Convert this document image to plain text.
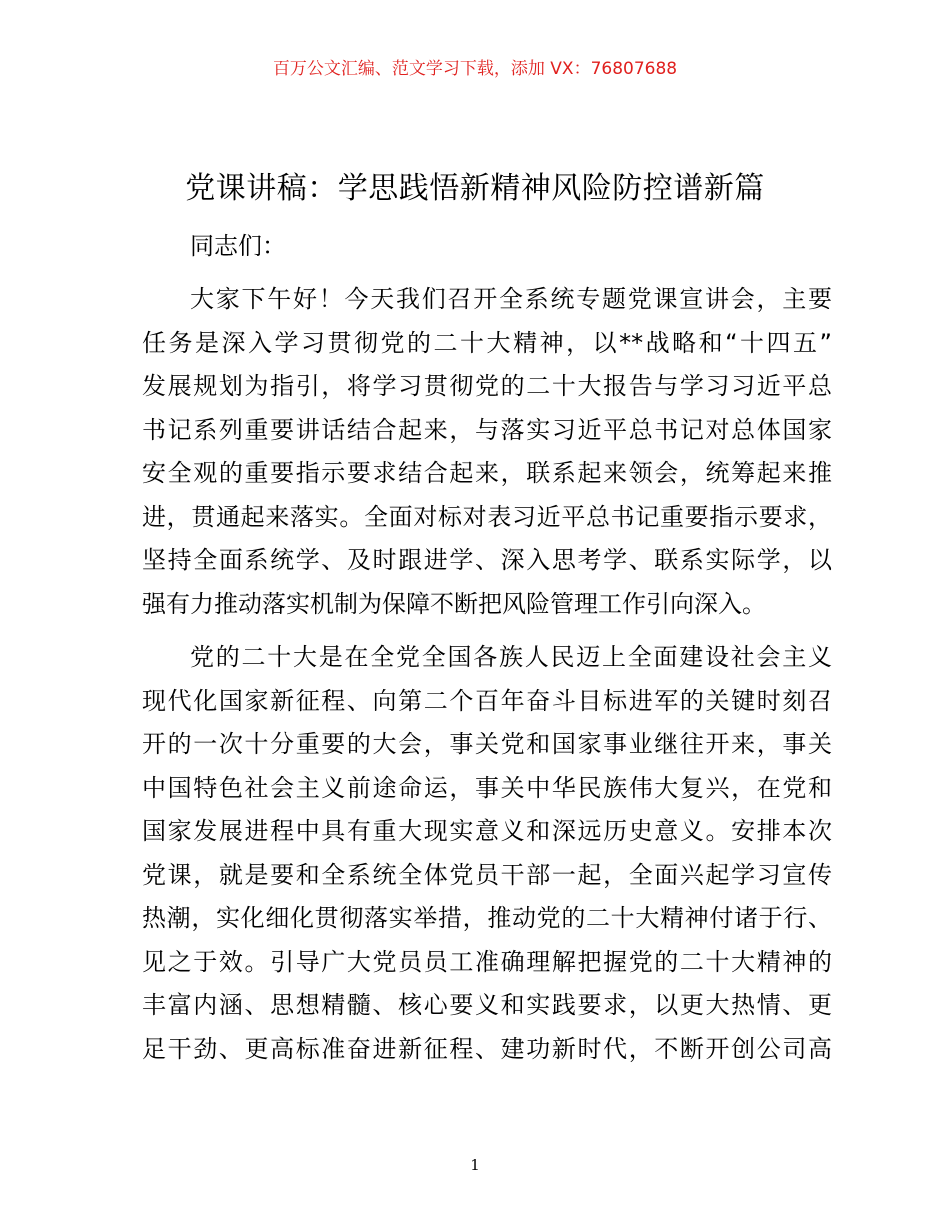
百万公文汇编、范文学习下载，添加 VX：76807688
党课讲稿：学思践悟新精神风险防控谱新篇
同志们：
大家下午好！今天我们召开全系统专题党课宣讲会，主要
任务是深入学习贯彻党的二十大精神，以**战略和“十四五”
发展规划为指引，将学习贯彻党的二十大报告与学习习近平总
书记系列重要讲话结合起来，与落实习近平总书记对总体国家
安全观的重要指示要求结合起来，联系起来领会，统筹起来推
进，贯通起来落实。全面对标对表习近平总书记重要指示要求，
坚持全面系统学、及时跟进学、深入思考学、联系实际学，以
强有力推动落实机制为保障不断把风险管理工作引向深入。
党的二十大是在全党全国各族人民迈上全面建设社会主义
现代化国家新征程、向第二个百年奋斗目标进军的关键时刻召
开的一次十分重要的大会，事关党和国家事业继往开来，事关
中国特色社会主义前途命运，事关中华民族伟大复兴，在党和
国家发展进程中具有重大现实意义和深远历史意义。安排本次
党课，就是要和全系统全体党员干部一起，全面兴起学习宣传
热潮，实化细化贯彻落实举措，推动党的二十大精神付诸于行、
见之于效。引导广大党员员工准确理解把握党的二十大精神的
丰富内涵、思想精髓、核心要义和实践要求，以更大热情、更
足干劲、更高标准奋进新征程、建功新时代，不断开创公司高
1
